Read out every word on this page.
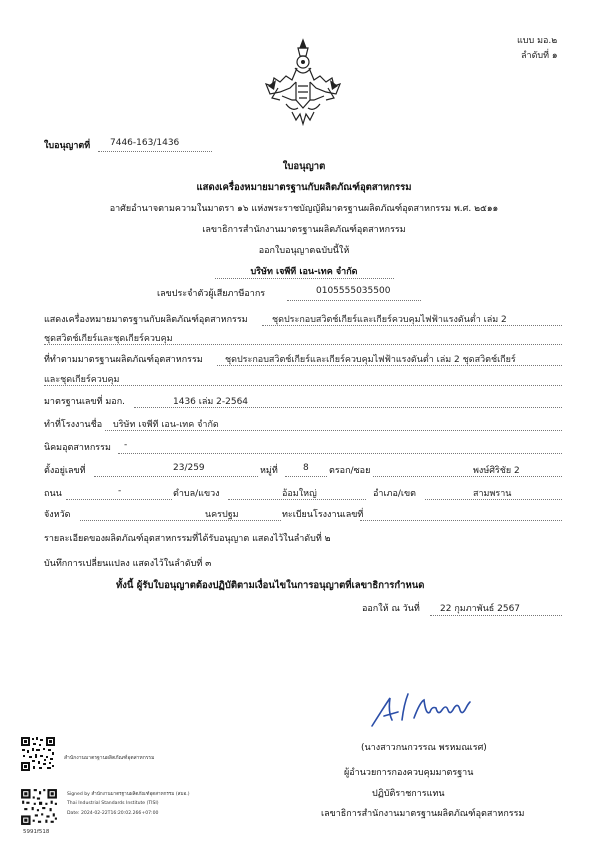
แบบ มอ.๒
ลำดับที่ ๑
ใบอนุญาตที่ 7446-163/1436
ใบอนุญาต
แสดงเครื่องหมายมาตรฐานกับผลิตภัณฑ์อุตสาหกรรม
อาศัยอำนาจตามความในมาตรา ๑๖ แห่งพระราชบัญญัติมาตรฐานผลิตภัณฑ์อุตสาหกรรม พ.ศ. ๒๕๑๑
เลขาธิการสำนักงานมาตรฐานผลิตภัณฑ์อุตสาหกรรม
ออกใบอนุญาตฉบับนี้ให้
บริษัท เจพีที เอน-เทค จำกัด
เลขประจำตัวผู้เสียภาษีอากร	0105555035500
แสดงเครื่องหมายมาตรฐานกับผลิตภัณฑ์อุตสาหกรรม	ชุดประกอบสวิตช์เกียร์และเกียร์ควบคุมไฟฟ้าแรงดันต่ำ เล่ม 2
ชุดสวิตช์เกียร์และชุดเกียร์ควบคุม
ที่ทำตามมาตรฐานผลิตภัณฑ์อุตสาหกรรม ชุดประกอบสวิตช์เกียร์และเกียร์ควบคุมไฟฟ้าแรงดันต่ำ เล่ม 2 ชุดสวิตช์เกียร์
และชุดเกียร์ควบคุม
มาตรฐานเลขที่ มอก.	1436 เล่ม 2-2564
ทำที่โรงงานชื่อ บริษัท เจพีที เอน-เทค จำกัด
นิคมอุตสาหกรรม -
ตั้งอยู่เลขที่	23/259	หมู่ที่	8 ตรอก/ซอย	พงษ์ศิริชัย 2
ถนน	-	ตำบล/แขวง	อ้อมใหญ่	อำเภอ/เขต	สามพราน
จังหวัด	นครปฐม	ทะเบียนโรงงานเลขที่
รายละเอียดของผลิตภัณฑ์อุตสาหกรรมที่ได้รับอนุญาต แสดงไว้ในลำดับที่ ๒
บันทึกการเปลี่ยนแปลง แสดงไว้ในลำดับที่ ๓
ทั้งนี้ ผู้รับใบอนุญาตต้องปฏิบัติตามเงื่อนไขในการอนุญาตที่เลขาธิการกำหนด
ออกให้ ณ วันที่ 22 กุมภาพันธ์ 2567
(นางสาวกนกวรรณ พรหมณเรศ)
ผู้อำนวยการกองควบคุมมาตรฐาน
ปฏิบัติราชการแทน
เลขาธิการสำนักงานมาตรฐานผลิตภัณฑ์อุตสาหกรรม
สำนักงานมาตรฐานผลิตภัณฑ์อุตสาหกรรม
5991f518
Signed by สำนักงานมาตรฐานผลิตภัณฑ์อุตสาหกรรม (สมอ.)
Thai Industrial Standards Institute (TISI)
Date: 2024-02-22T16:20:02.266+07:00
